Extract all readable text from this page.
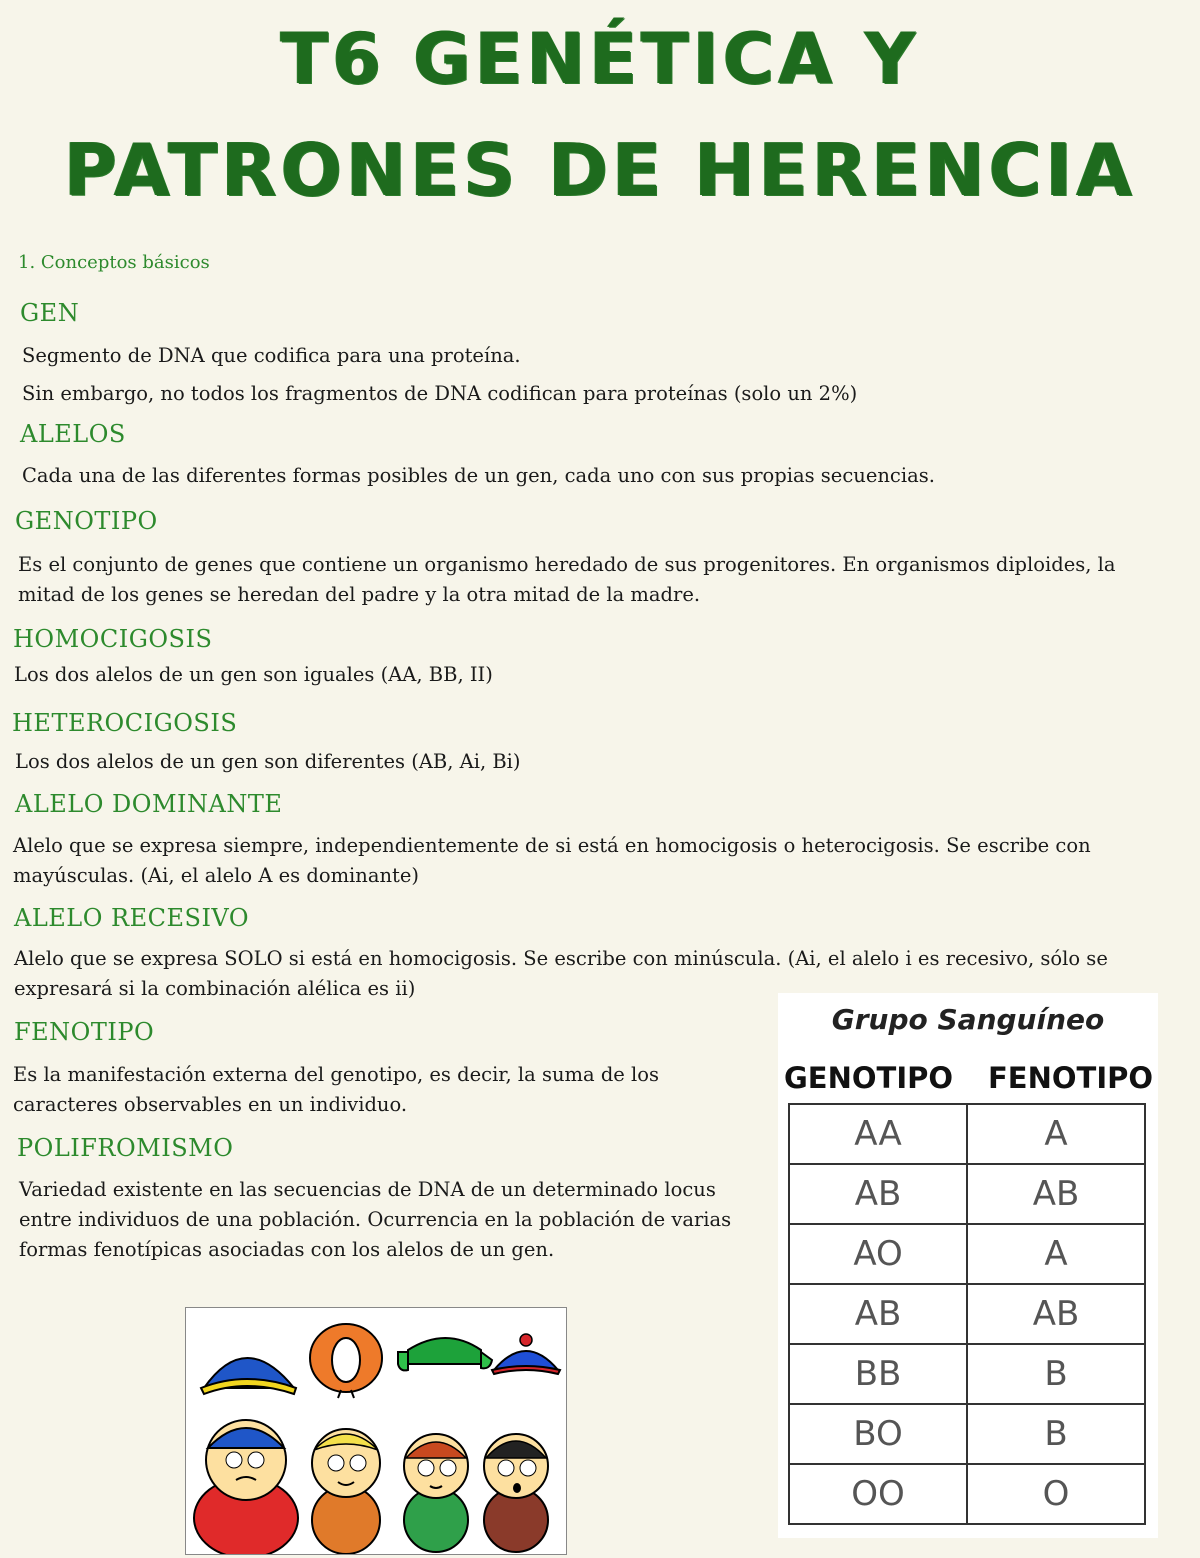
T6 GENÉTICA Y
PATRONES DE HERENCIA
1. Conceptos básicos
GEN

Segmento de DNA que codifica para una proteína.
Sin embargo, no todos los fragmentos de DNA codifican para proteínas (solo un 2%)

ALELOS

Cada una de las diferentes formas posibles de un gen, cada uno con sus propias secuencias.

GENOTIPO

Es el conjunto de genes que contiene un organismo heredado de sus progenitores. En organismos diploides, la mitad de los genes se heredan del padre y la otra mitad de la madre.

HOMOCIGOSIS

Los dos alelos de un gen son iguales (AA, BB, II)

HETEROCIGOSIS

Los dos alelos de un gen son diferentes (AB, Ai, Bi)

ALELO DOMINANTE

Alelo que se expresa siempre, independientemente de si está en homocigosis o heterocigosis. Se escribe con mayúsculas. (Ai, el alelo A es dominante)

ALELO RECESIVO

Alelo que se expresa SOLO si está en homocigosis. Se escribe con minúscula. (Ai, el alelo i es recesivo, sólo se expresará si la combinación alélica es ii)

FENOTIPO

Es la manifestación externa del genotipo, es decir, la suma de los caracteres observables en un individuo.

POLIFROMISMO

Variedad existente en las secuencias de DNA de un determinado locus entre individuos de una población. Ocurrencia en la población de varias formas fenotípicas asociadas con los alelos de un gen.

Grupo Sanguíneo
GENOTIPO FENOTIPO
AA	A
AB	AB
AO	A
AB	AB
BB	B
BO	B
OO	O
